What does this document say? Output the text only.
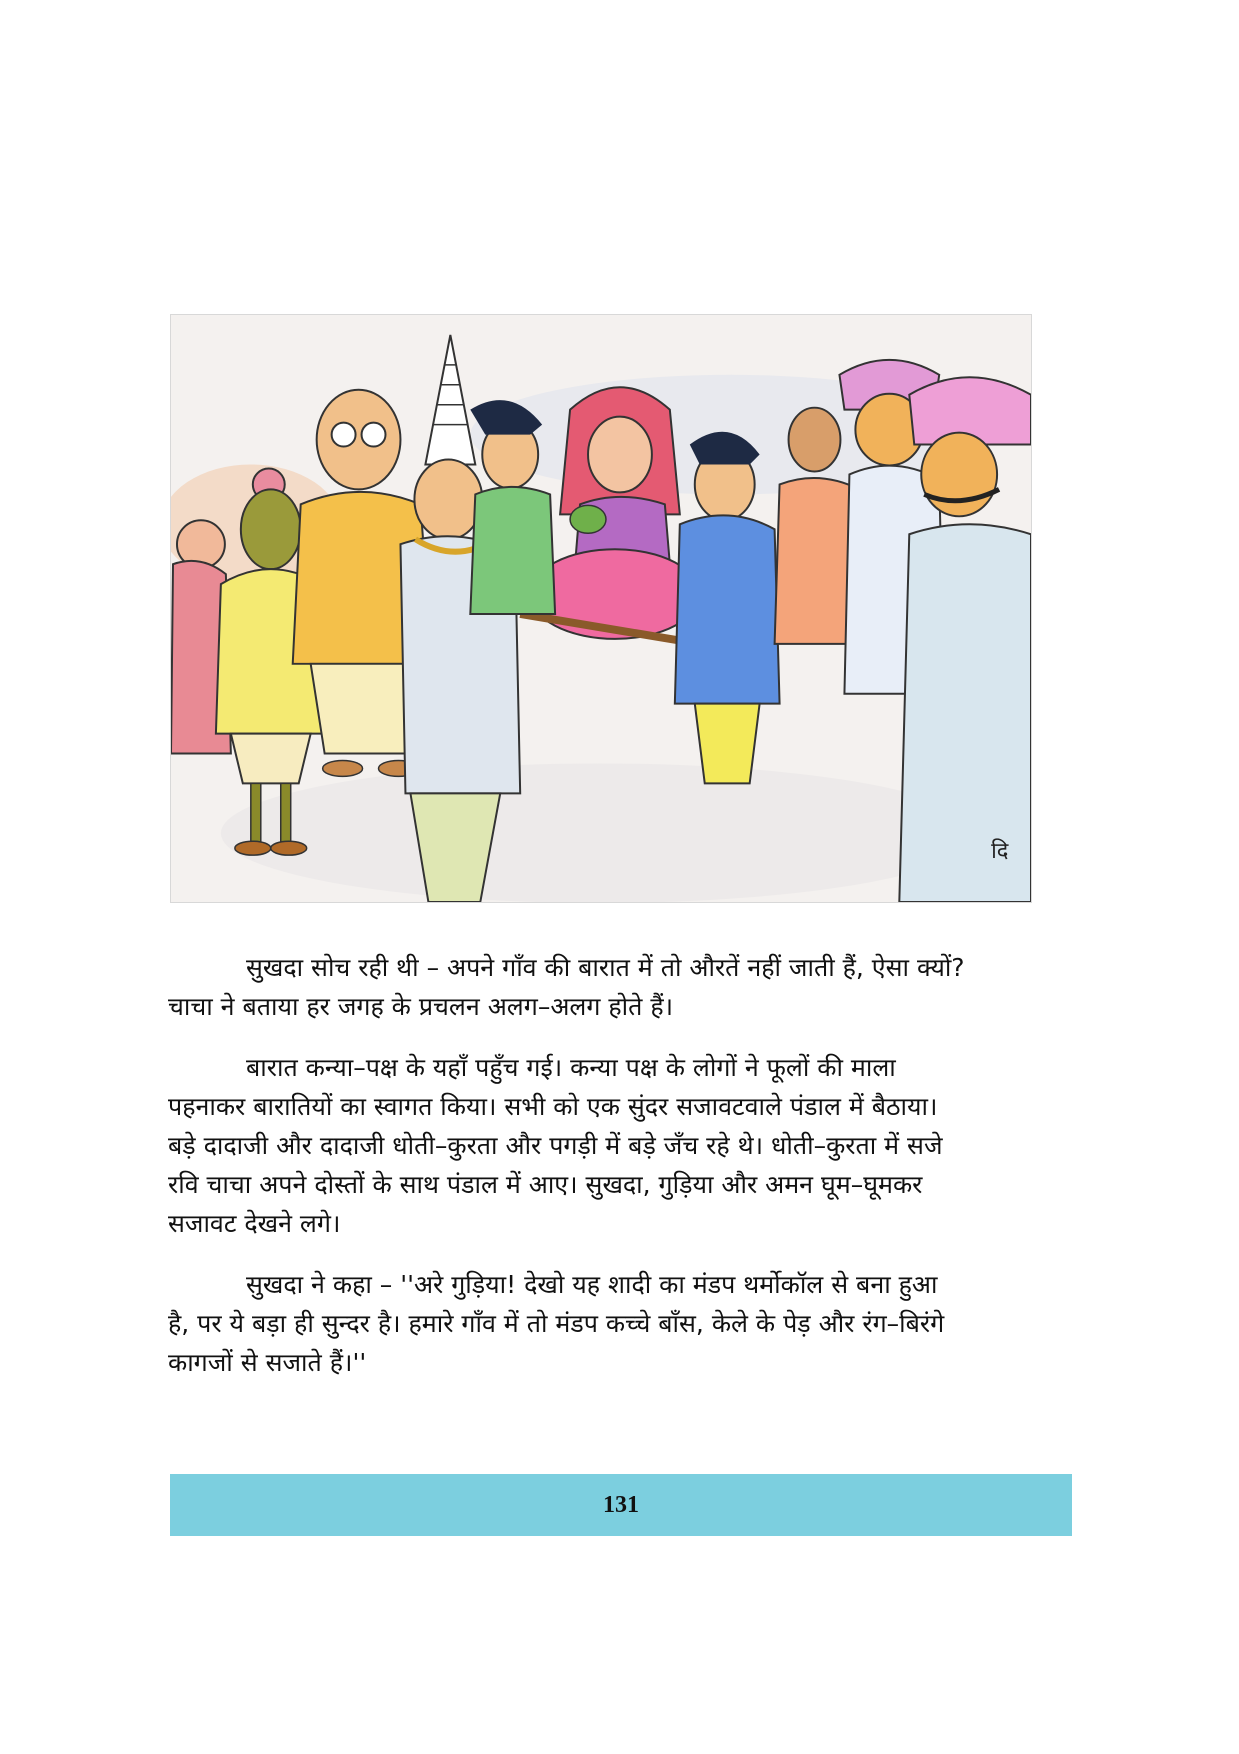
दि

सुखदा सोच रही थी – अपने गाँव की बारात में तो औरतें नहीं जाती हैं, ऐसा क्यों?
चाचा ने बताया हर जगह के प्रचलन अलग–अलग होते हैं।

बारात कन्या–पक्ष के यहाँ पहुँच गई। कन्या पक्ष के लोगों ने फूलों की माला
पहनाकर बारातियों का स्वागत किया। सभी को एक सुंदर सजावटवाले पंडाल में बैठाया।
बड़े दादाजी और दादाजी धोती–कुरता और पगड़ी में बड़े जँच रहे थे। धोती–कुरता में सजे
रवि चाचा अपने दोस्तों के साथ पंडाल में आए। सुखदा, गुड़िया और अमन घूम–घूमकर
सजावट देखने लगे।

सुखदा ने कहा – ''अरे गुड़िया! देखो यह शादी का मंडप थर्मोकॉल से बना हुआ
है, पर ये बड़ा ही सुन्दर है। हमारे गाँव में तो मंडप कच्चे बाँस, केले के पेड़ और रंग–बिरंगे
कागजों से सजाते हैं।''

131
